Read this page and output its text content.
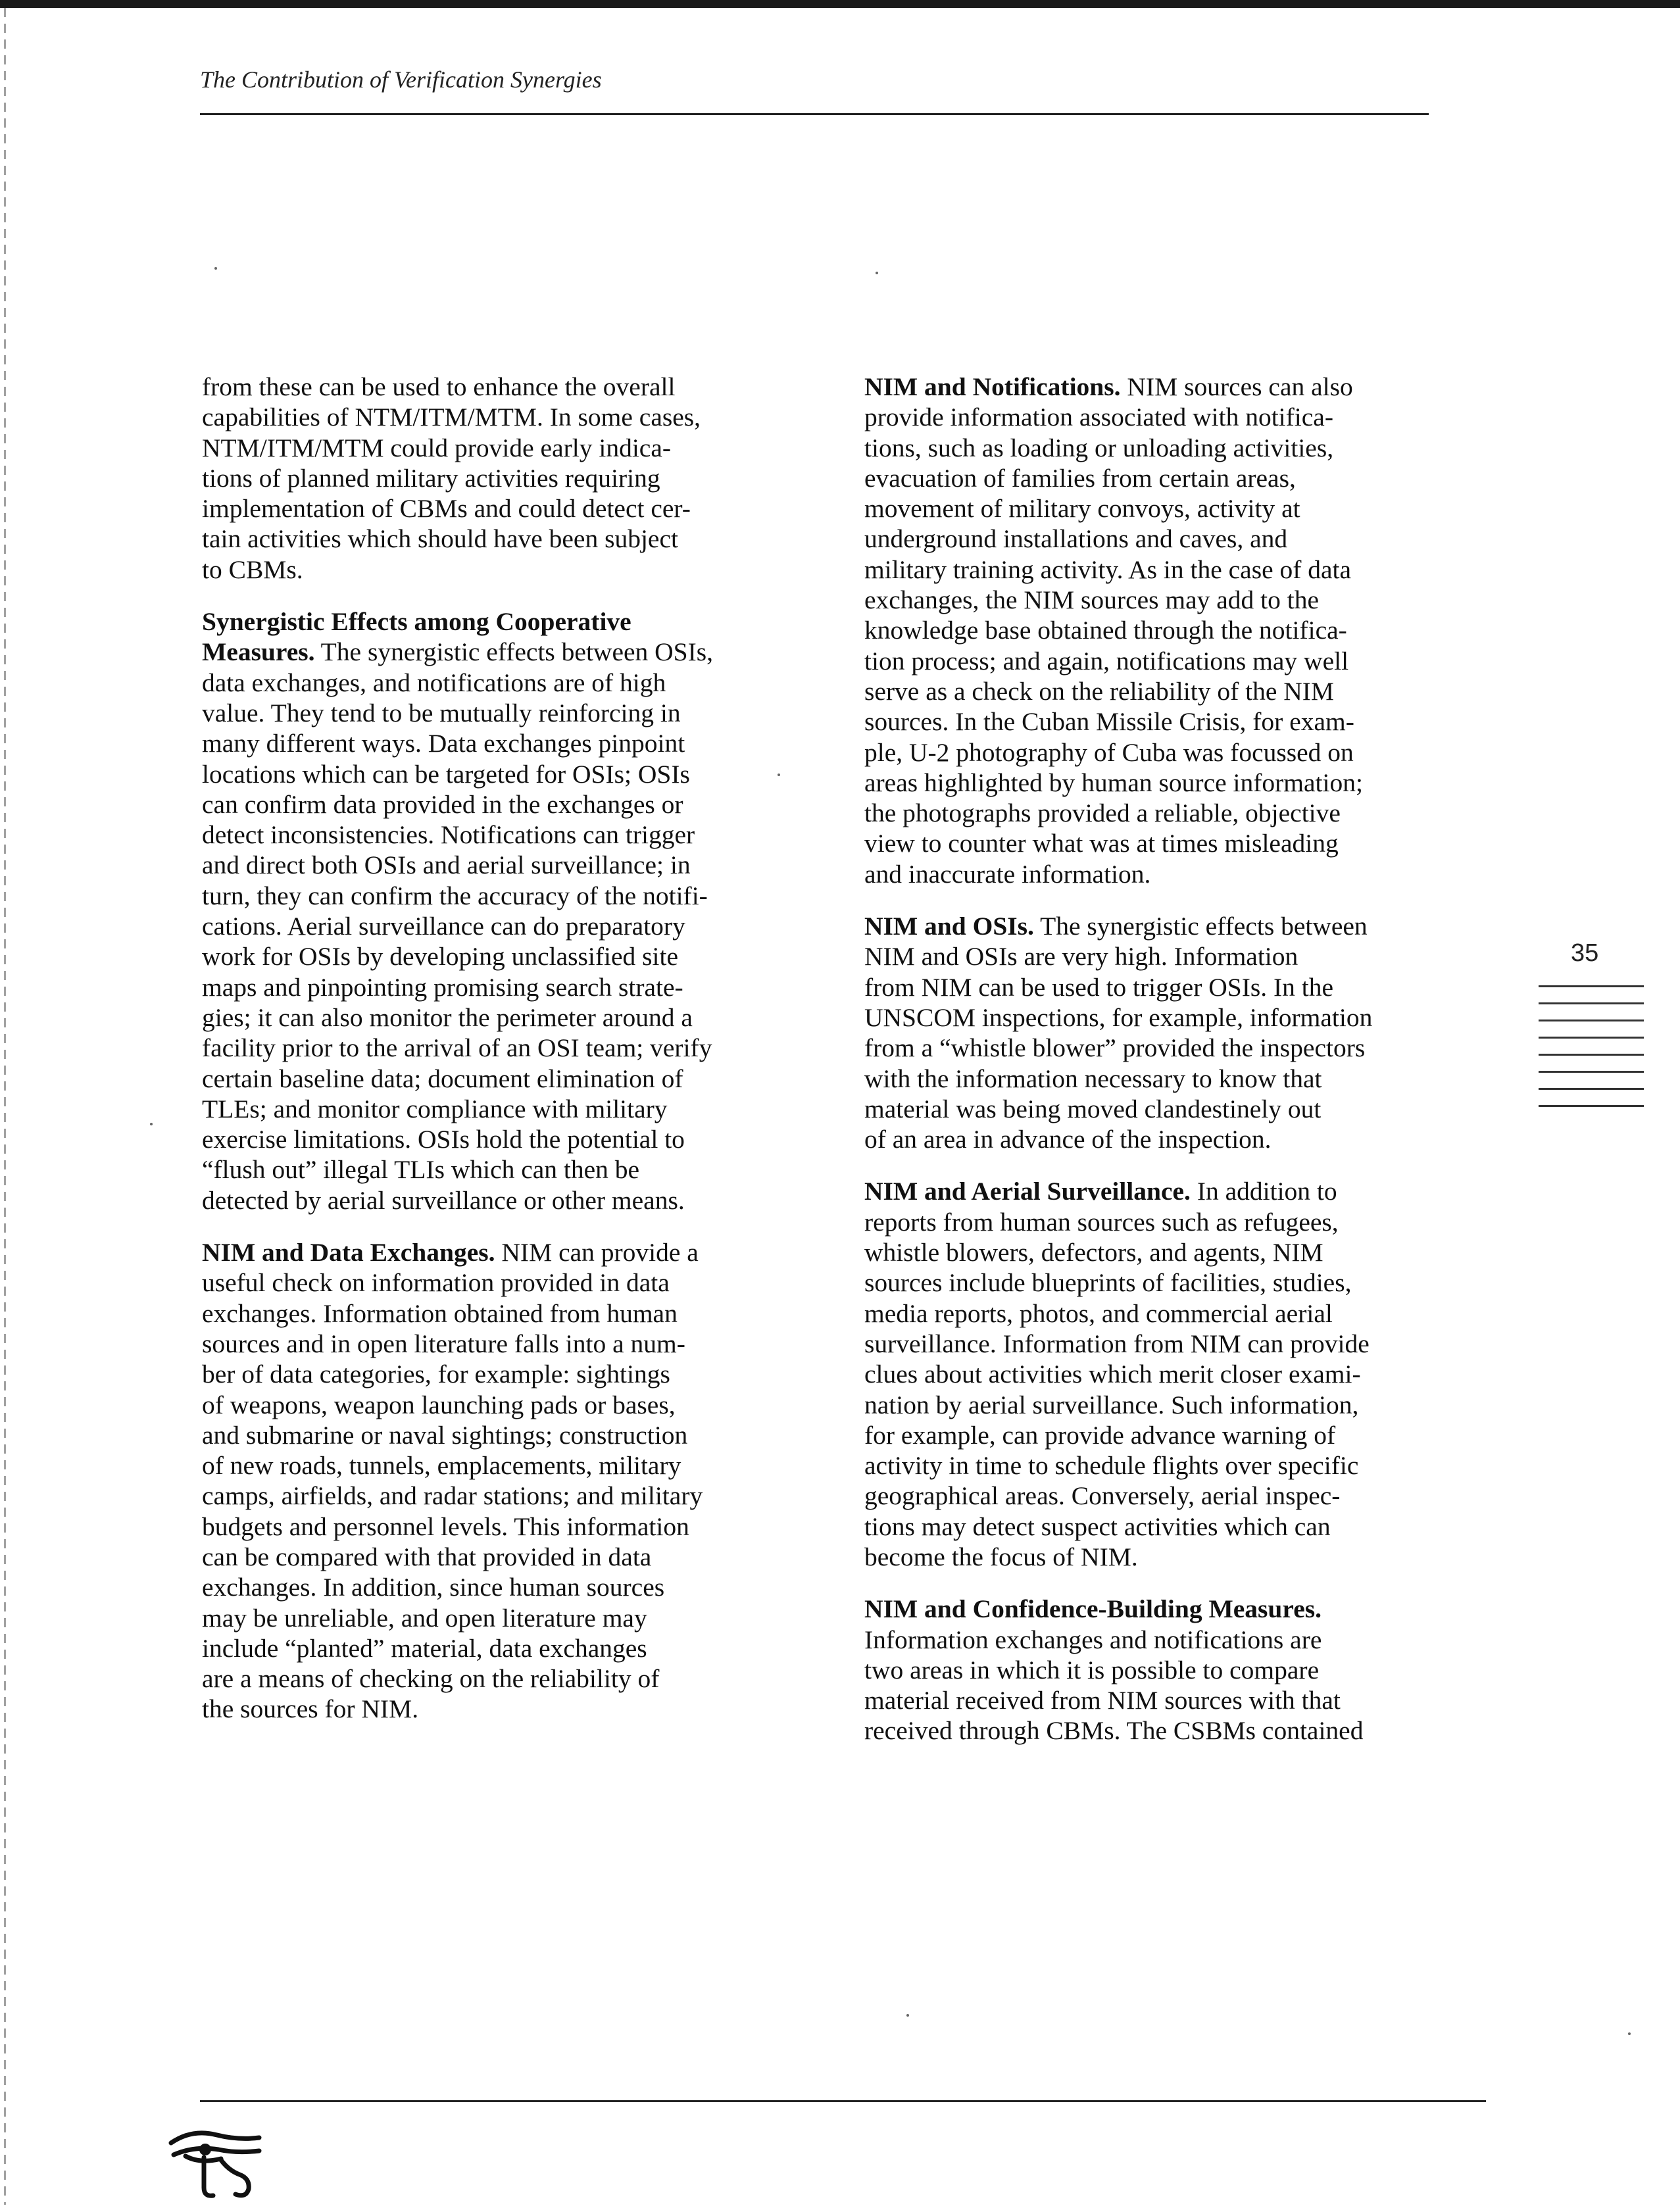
The Contribution of Verification Synergies
from these can be used to enhance the overall
capabilities of NTM/ITM/MTM. In some cases,
NTM/ITM/MTM could provide early indica-
tions of planned military activities requiring
implementation of CBMs and could detect cer-
tain activities which should have been subject
to CBMs.
Synergistic Effects among Cooperative
Measures. The synergistic effects between OSIs,
data exchanges, and notifications are of high
value. They tend to be mutually reinforcing in
many different ways. Data exchanges pinpoint
locations which can be targeted for OSIs; OSIs
can confirm data provided in the exchanges or
detect inconsistencies. Notifications can trigger
and direct both OSIs and aerial surveillance; in
turn, they can confirm the accuracy of the notifi-
cations. Aerial surveillance can do preparatory
work for OSIs by developing unclassified site
maps and pinpointing promising search strate-
gies; it can also monitor the perimeter around a
facility prior to the arrival of an OSI team; verify
certain baseline data; document elimination of
TLEs; and monitor compliance with military
exercise limitations. OSIs hold the potential to
“flush out” illegal TLIs which can then be
detected by aerial surveillance or other means.
NIM and Data Exchanges. NIM can provide a
useful check on information provided in data
exchanges. Information obtained from human
sources and in open literature falls into a num-
ber of data categories, for example: sightings
of weapons, weapon launching pads or bases,
and submarine or naval sightings; construction
of new roads, tunnels, emplacements, military
camps, airfields, and radar stations; and military
budgets and personnel levels. This information
can be compared with that provided in data
exchanges. In addition, since human sources
may be unreliable, and open literature may
include “planted” material, data exchanges
are a means of checking on the reliability of
the sources for NIM.
NIM and Notifications. NIM sources can also
provide information associated with notifica-
tions, such as loading or unloading activities,
evacuation of families from certain areas,
movement of military convoys, activity at
underground installations and caves, and
military training activity. As in the case of data
exchanges, the NIM sources may add to the
knowledge base obtained through the notifica-
tion process; and again, notifications may well
serve as a check on the reliability of the NIM
sources. In the Cuban Missile Crisis, for exam-
ple, U-2 photography of Cuba was focussed on
areas highlighted by human source information;
the photographs provided a reliable, objective
view to counter what was at times misleading
and inaccurate information.
NIM and OSIs. The synergistic effects between
NIM and OSIs are very high. Information
from NIM can be used to trigger OSIs. In the
UNSCOM inspections, for example, information
from a “whistle blower” provided the inspectors
with the information necessary to know that
material was being moved clandestinely out
of an area in advance of the inspection.
NIM and Aerial Surveillance. In addition to
reports from human sources such as refugees,
whistle blowers, defectors, and agents, NIM
sources include blueprints of facilities, studies,
media reports, photos, and commercial aerial
surveillance. Information from NIM can provide
clues about activities which merit closer exami-
nation by aerial surveillance. Such information,
for example, can provide advance warning of
activity in time to schedule flights over specific
geographical areas. Conversely, aerial inspec-
tions may detect suspect activities which can
become the focus of NIM.
NIM and Confidence-Building Measures.
Information exchanges and notifications are
two areas in which it is possible to compare
material received from NIM sources with that
received through CBMs. The CSBMs contained
35
